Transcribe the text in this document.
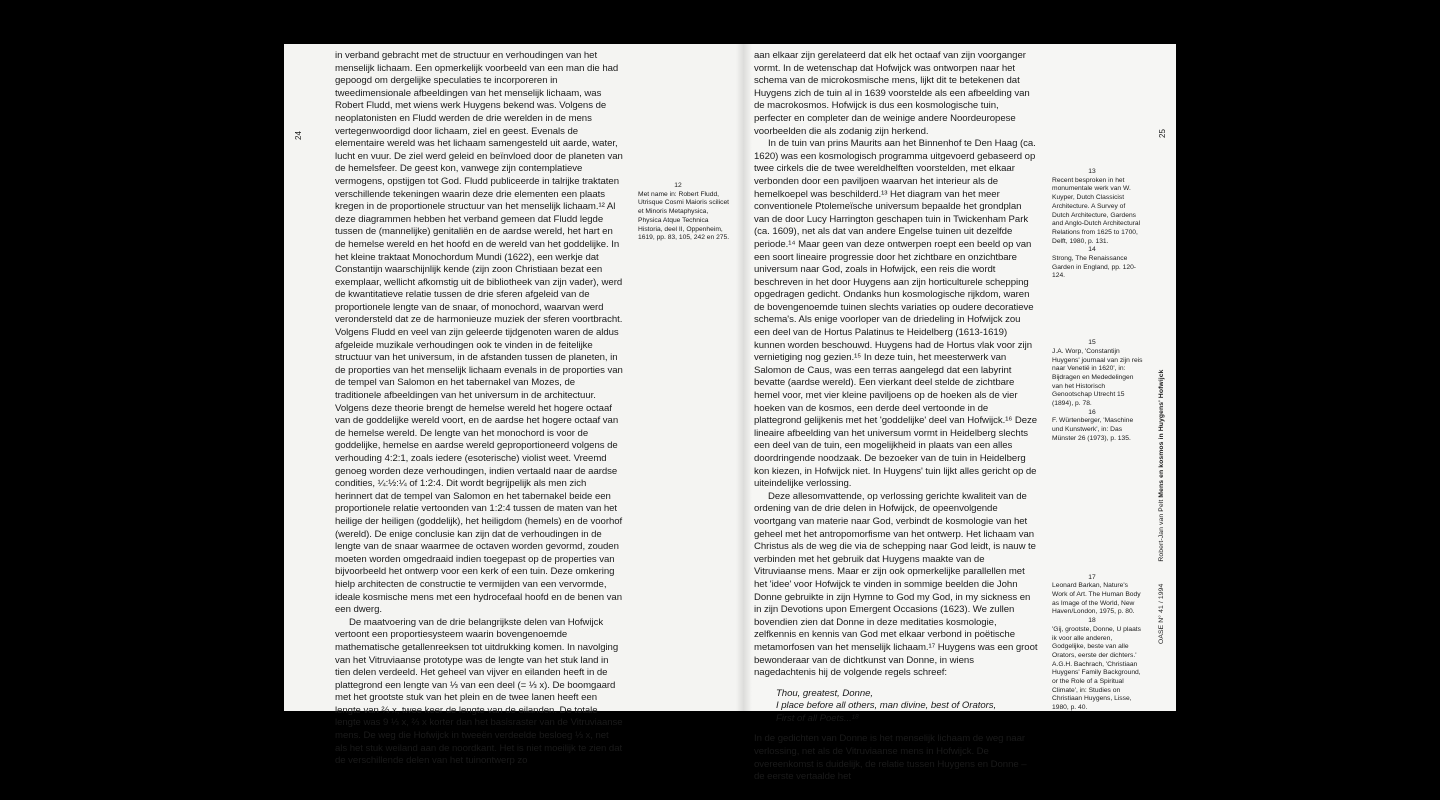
24

in verband gebracht met de structuur en verhoudingen van het menselijk lichaam. Een opmerkelijk voorbeeld van een man die had gepoogd om dergelijke speculaties te incorporeren in tweedimensionale afbeeldingen van het menselijk lichaam, was Robert Fludd, met wiens werk Huygens bekend was. Volgens de neoplatonisten en Fludd werden de drie werelden in de mens vertegenwoordigd door lichaam, ziel en geest. Evenals de elementaire wereld was het lichaam samengesteld uit aarde, water, lucht en vuur. De ziel werd geleid en beïnvloed door de planeten van de hemelsfeer. De geest kon, vanwege zijn contemplatieve vermogens, opstijgen tot God. Fludd publiceerde in talrijke traktaten verschillende tekeningen waarin deze drie elementen een plaats kregen in de proportionele structuur van het menselijk lichaam.¹² Al deze diagrammen hebben het verband gemeen dat Fludd legde tussen de (mannelijke) genitaliën en de aardse wereld, het hart en de hemelse wereld en het hoofd en de wereld van het goddelijke. In het kleine traktaat Monochordum Mundi (1622), een werkje dat Constantijn waarschijnlijk kende (zijn zoon Christiaan bezat een exemplaar, wellicht afkomstig uit de bibliotheek van zijn vader), werd de kwantitatieve relatie tussen de drie sferen afgeleid van de proportionele lengte van de snaar, of monochord, waarvan werd verondersteld dat ze de harmonieuze muziek der sferen voortbracht. Volgens Fludd en veel van zijn geleerde tijdgenoten waren de aldus afgeleide muzikale verhoudingen ook te vinden in de feitelijke structuur van het universum, in de afstanden tussen de planeten, in de proporties van het menselijk lichaam evenals in de proporties van de tempel van Salomon en het tabernakel van Mozes, de traditionele afbeeldingen van het universum in de architectuur. Volgens deze theorie brengt de hemelse wereld het hogere octaaf van de goddelijke wereld voort, en de aardse het hogere octaaf van de hemelse wereld. De lengte van het monochord is voor de goddelijke, hemelse en aardse wereld geproportioneerd volgens de verhouding 4:2:1, zoals iedere (esoterische) violist weet. Vreemd genoeg worden deze verhoudingen, indien vertaald naar de aardse condities, ¼:½:¼ of 1:2:4. Dit wordt begrijpelijk als men zich herinnert dat de tempel van Salomon en het tabernakel beide een proportionele relatie vertoonden van 1:2:4 tussen de maten van het heilige der heiligen (goddelijk), het heiligdom (hemels) en de voorhof (wereld). De enige conclusie kan zijn dat de verhoudingen in de lengte van de snaar waarmee de octaven worden gevormd, zouden moeten worden omgedraaid indien toegepast op de properties van bijvoorbeeld het ontwerp voor een kerk of een tuin. Deze omkering hielp architecten de constructie te vermijden van een vervormde, ideale kosmische mens met een hydrocefaal hoofd en de benen van een dwerg.

De maatvoering van de drie belangrijkste delen van Hofwijck vertoont een proportiesysteem waarin bovengenoemde mathematische getallenreeksen tot uitdrukking komen. In navolging van het Vitruviaanse prototype was de lengte van het stuk land in tien delen verdeeld. Het geheel van vijver en eilanden heeft in de plattegrond een lengte van ⅓ van een deel (= ⅓ x). De boomgaard met het grootste stuk van het plein en de twee lanen heeft een lengte van ⅔ x, twee keer de lengte van de eilanden. De totale lengte was 9 ⅓ x, ⅔ x korter dan het basisraster van de Vitruviaanse mens. De weg die Hofwijck in tweeën verdeelde besloeg ⅓ x, net als het stuk weiland aan de noordkant. Het is niet moeilijk te zien dat de verschillende delen van het tuinontwerp zo

12
Met name in: Robert Fludd, Utrisque Cosmi Maioris scilicet et Minoris Metaphysica, Physica Atque Technica Historia, deel II, Oppenheim, 1619, pp. 83, 105, 242 en 275.

aan elkaar zijn gerelateerd dat elk het octaaf van zijn voorganger vormt. In de wetenschap dat Hofwijck was ontworpen naar het schema van de microkosmische mens, lijkt dit te betekenen dat Huygens zich de tuin al in 1639 voorstelde als een afbeelding van de macrokosmos. Hofwijck is dus een kosmologische tuin, perfecter en completer dan de weinige andere Noordeuropese voorbeelden die als zodanig zijn herkend.

In de tuin van prins Maurits aan het Binnenhof te Den Haag (ca. 1620) was een kosmologisch programma uitgevoerd gebaseerd op twee cirkels die de twee wereldhelften voorstelden, met elkaar verbonden door een paviljoen waarvan het interieur als de hemelkoepel was beschilderd.¹³ Het diagram van het meer conventionele Ptolemeïsche universum bepaalde het grondplan van de door Lucy Harrington geschapen tuin in Twickenham Park (ca. 1609), net als dat van andere Engelse tuinen uit dezelfde periode.¹⁴ Maar geen van deze ontwerpen roept een beeld op van een soort lineaire progressie door het zichtbare en onzichtbare universum naar God, zoals in Hofwijck, een reis die wordt beschreven in het door Huygens aan zijn horticulturele schepping opgedragen gedicht. Ondanks hun kosmologische rijkdom, waren de bovengenoemde tuinen slechts variaties op oudere decoratieve schema's. Als enige voorloper van de driedeling in Hofwijck zou een deel van de Hortus Palatinus te Heidelberg (1613-1619) kunnen worden beschouwd. Huygens had de Hortus vlak voor zijn vernietiging nog gezien.¹⁵ In deze tuin, het meesterwerk van Salomon de Caus, was een terras aangelegd dat een labyrint bevatte (aardse wereld). Een vierkant deel stelde de zichtbare hemel voor, met vier kleine paviljoens op de hoeken als de vier hoeken van de kosmos, een derde deel vertoonde in de plattegrond gelijkenis met het 'goddelijke' deel van Hofwijck.¹⁶ Deze lineaire afbeelding van het universum vormt in Heidelberg slechts een deel van de tuin, een mogelijkheid in plaats van een alles doordringende noodzaak. De bezoeker van de tuin in Heidelberg kon kiezen, in Hofwijck niet. In Huygens' tuin lijkt alles gericht op de uiteindelijke verlossing.

Deze allesomvattende, op verlossing gerichte kwaliteit van de ordening van de drie delen in Hofwijck, de opeenvolgende voortgang van materie naar God, verbindt de kosmologie van het geheel met het antropomorfisme van het ontwerp. Het lichaam van Christus als de weg die via de schepping naar God leidt, is nauw te verbinden met het gebruik dat Huygens maakte van de Vitruviaanse mens. Maar er zijn ook opmerkelijke parallellen met het 'idee' voor Hofwijck te vinden in sommige beelden die John Donne gebruikte in zijn Hymne to God my God, in my sickness en in zijn Devotions upon Emergent Occasions (1623). We zullen bovendien zien dat Donne in deze meditaties kosmologie, zelfkennis en kennis van God met elkaar verbond in poëtische metamorfosen van het menselijk lichaam.¹⁷ Huygens was een groot bewonderaar van de dichtkunst van Donne, in wiens nagedachtenis hij de volgende regels schreef:

Thou, greatest, Donne,
I place before all others, man divine, best of Orators,
First of all Poets...¹⁸

In de gedichten van Donne is het menselijk lichaam de weg naar verlossing, net als de Vitruviaanse mens in Hofwijck. De overeenkomst is duidelijk, de relatie tussen Huygens en Donne – de eerste vertaalde het

13
Recent besproken in het monumentale werk van W. Kuyper, Dutch Classicist Architecture. A Survey of Dutch Architecture, Gardens and Anglo-Dutch Architectural Relations from 1625 to 1700, Delft, 1980, p. 131.
14
Strong, The Renaissance Garden in England, pp. 120-124.
15
J.A. Worp, 'Constantijn Huygens' journaal van zijn reis naar Venetië in 1620', in: Bijdragen en Mededelingen van het Historisch Genootschap Utrecht 15 (1894), p. 78.
16
F. Würtenberger, 'Maschine und Kunstwerk', in: Das Münster 26 (1973), p. 135.
17
Leonard Barkan, Nature's Work of Art. The Human Body as Image of the World, New Haven/London, 1975, p. 80.
18
'Gij, grootste, Donne, U plaats ik voor alle anderen, Godgelijke, beste van alle Orators, eerste der dichters.' A.G.H. Bachrach, 'Christiaan Huygens' Family Background, or the Role of a Spiritual Climate', in: Studies on Christiaan Huygens, Lisse, 1980, p. 40.
25
OASE N° 41 / 1994 Robert-Jan van Pelt Mens en kosmos in Huygens' Hofwijck
